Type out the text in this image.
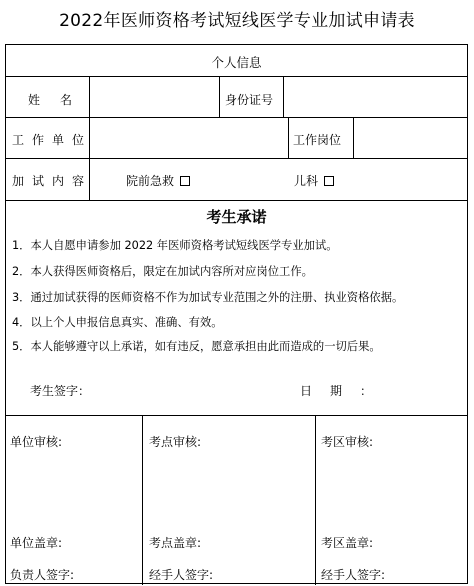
2022年医师资格考试短线医学专业加试申请表
个人信息
姓名	身份证号
工作单位	工作岗位
加试内容	院前急救	儿科
考生承诺
1．本人自愿申请参加 2022 年医师资格考试短线医学专业加试。
2．本人获得医师资格后，限定在加试内容所对应岗位工作。
3．通过加试获得的医师资格不作为加试专业范围之外的注册、执业资格依据。
4．以上个人申报信息真实、准确、有效。
5．本人能够遵守以上承诺，如有违反，愿意承担由此而造成的一切后果。
考生签字：	日期：
单位审核:
单位盖章:
负责人签字:
考点审核:
考点盖章:
经手人签字:
考区审核:
考区盖章:
经手人签字:
